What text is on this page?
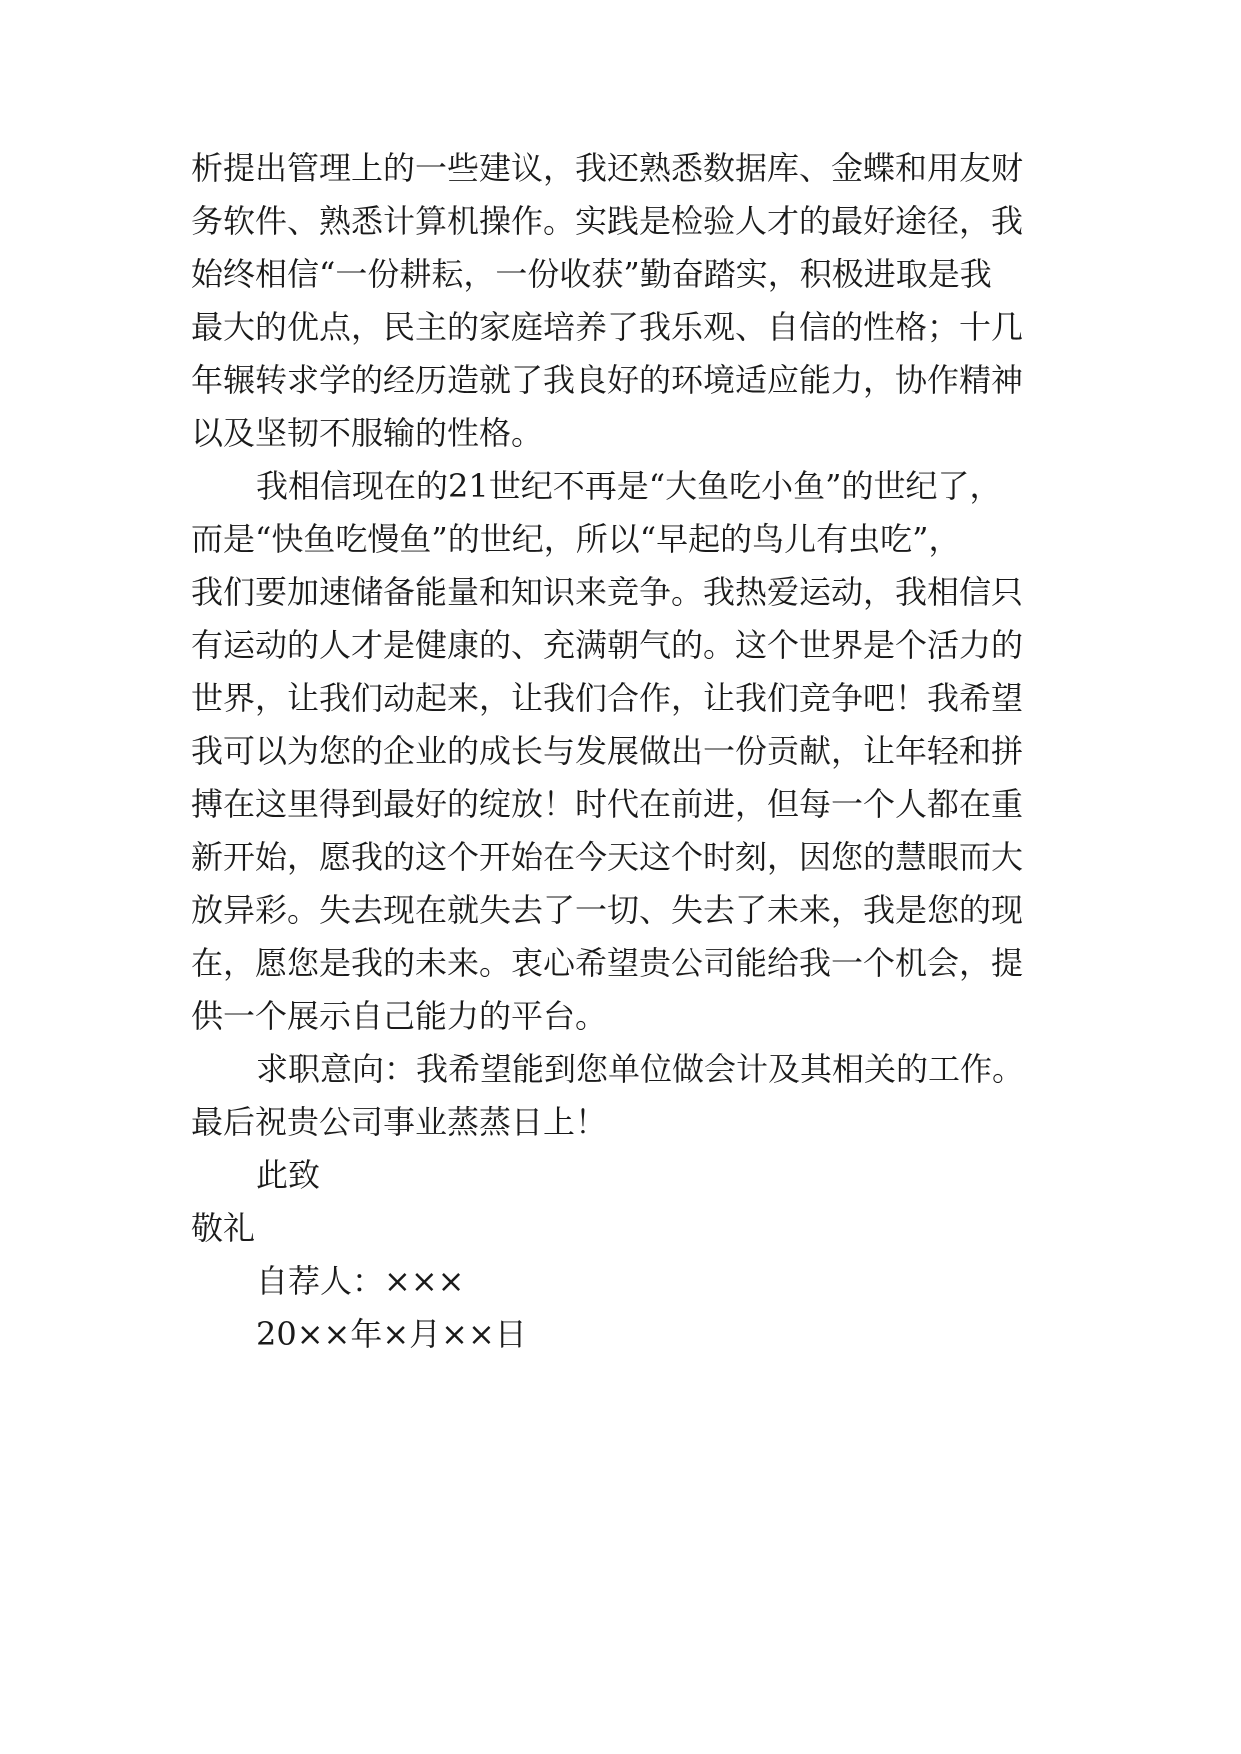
析提出管理上的一些建议，我还熟悉数据库、金蝶和用友财

务软件、熟悉计算机操作。实践是检验人才的最好途径，我

始终相信“一份耕耘，一份收获”勤奋踏实，积极进取是我

最大的优点，民主的家庭培养了我乐观、自信的性格；十几

年辗转求学的经历造就了我良好的环境适应能力，协作精神

以及坚韧不服输的性格。

我相信现在的21世纪不再是“大鱼吃小鱼”的世纪了，

而是“快鱼吃慢鱼”的世纪，所以“早起的鸟儿有虫吃”，

我们要加速储备能量和知识来竞争。我热爱运动，我相信只

有运动的人才是健康的、充满朝气的。这个世界是个活力的

世界，让我们动起来，让我们合作，让我们竞争吧！我希望

我可以为您的企业的成长与发展做出一份贡献，让年轻和拼

搏在这里得到最好的绽放！时代在前进，但每一个人都在重

新开始，愿我的这个开始在今天这个时刻，因您的慧眼而大

放异彩。失去现在就失去了一切、失去了未来，我是您的现

在，愿您是我的未来。衷心希望贵公司能给我一个机会，提

供一个展示自己能力的平台。

求职意向：我希望能到您单位做会计及其相关的工作。

最后祝贵公司事业蒸蒸日上！

此致

敬礼

自荐人：×××

20××年×月××日
